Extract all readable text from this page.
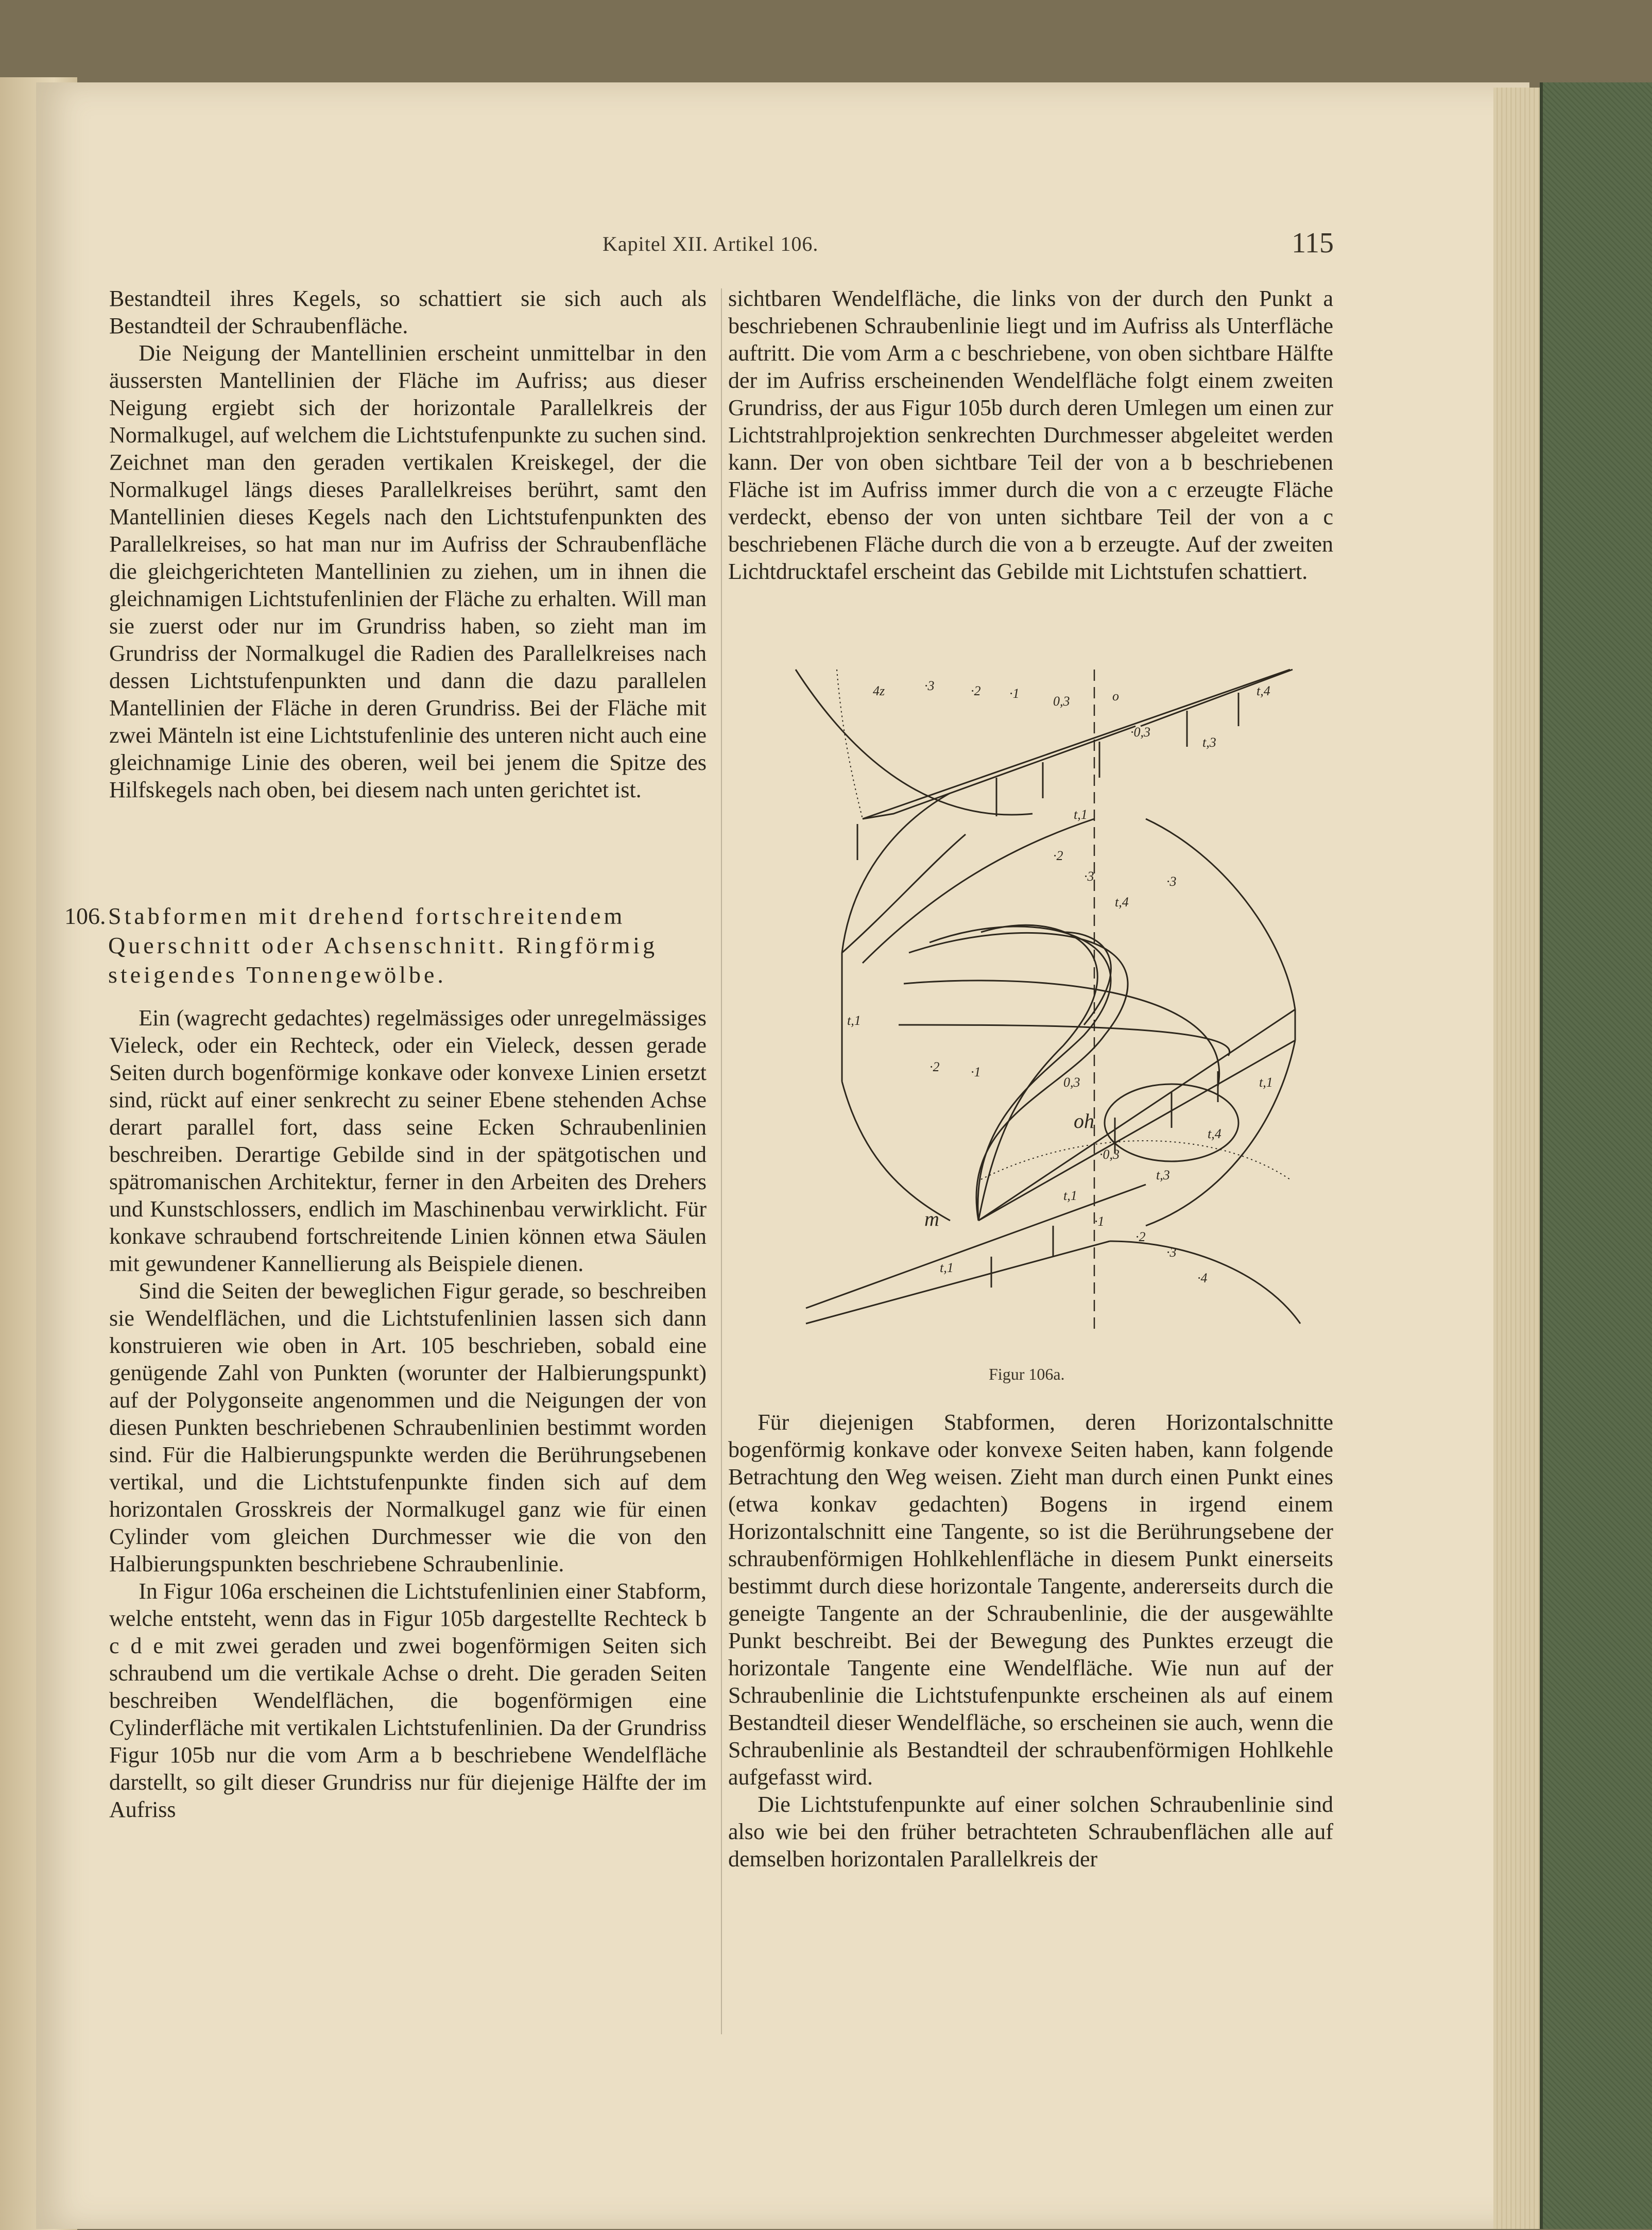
Kapitel XII. Artikel 106.	115

Bestandteil ihres Kegels, so schattiert sie sich auch als Bestandteil der Schraubenfläche.

Die Neigung der Mantellinien erscheint unmittelbar in den äussersten Mantellinien der Fläche im Aufriss; aus dieser Neigung ergiebt sich der horizontale Parallelkreis der Normalkugel, auf welchem die Lichtstufenpunkte zu suchen sind. Zeichnet man den geraden vertikalen Kreiskegel, der die Normalkugel längs dieses Parallelkreises berührt, samt den Mantellinien dieses Kegels nach den Lichtstufenpunkten des Parallelkreises, so hat man nur im Aufriss der Schraubenfläche die gleichgerichteten Mantellinien zu ziehen, um in ihnen die gleichnamigen Lichtstufenlinien der Fläche zu erhalten. Will man sie zuerst oder nur im Grundriss haben, so zieht man im Grundriss der Normalkugel die Radien des Parallelkreises nach dessen Lichtstufenpunkten und dann die dazu parallelen Mantellinien der Fläche in deren Grundriss. Bei der Fläche mit zwei Mänteln ist eine Lichtstufenlinie des unteren nicht auch eine gleichnamige Linie des oberen, weil bei jenem die Spitze des Hilfskegels nach oben, bei diesem nach unten gerichtet ist.

106. Stabformen mit drehend fortschreitendem Querschnitt oder Achsenschnitt. Ringförmig steigendes Tonnengewölbe.

Ein (wagrecht gedachtes) regelmässiges oder unregelmässiges Vieleck, oder ein Rechteck, oder ein Vieleck, dessen gerade Seiten durch bogenförmige konkave oder konvexe Linien ersetzt sind, rückt auf einer senkrecht zu seiner Ebene stehenden Achse derart parallel fort, dass seine Ecken Schraubenlinien beschreiben. Derartige Gebilde sind in der spätgotischen und spätromanischen Architektur, ferner in den Arbeiten des Drehers und Kunstschlossers, endlich im Maschinenbau verwirklicht. Für konkave schraubend fortschreitende Linien können etwa Säulen mit gewundener Kannellierung als Beispiele dienen.

Sind die Seiten der beweglichen Figur gerade, so beschreiben sie Wendelflächen, und die Lichtstufenlinien lassen sich dann konstruieren wie oben in Art. 105 beschrieben, sobald eine genügende Zahl von Punkten (worunter der Halbierungspunkt) auf der Polygonseite angenommen und die Neigungen der von diesen Punkten beschriebenen Schraubenlinien bestimmt worden sind. Für die Halbierungspunkte werden die Berührungsebenen vertikal, und die Lichtstufenpunkte finden sich auf dem horizontalen Grosskreis der Normalkugel ganz wie für einen Cylinder vom gleichen Durchmesser wie die von den Halbierungspunkten beschriebene Schraubenlinie.

In Figur 106a erscheinen die Lichtstufenlinien einer Stabform, welche entsteht, wenn das in Figur 105b dargestellte Rechteck b c d e mit zwei geraden und zwei bogenförmigen Seiten sich schraubend um die vertikale Achse o dreht. Die geraden Seiten beschreiben Wendelflächen, die bogenförmigen eine Cylinderfläche mit vertikalen Lichtstufenlinien. Da der Grundriss Figur 105b nur die vom Arm a b beschriebene Wendelfläche darstellt, so gilt dieser Grundriss nur für diejenige Hälfte der im Aufriss

sichtbaren Wendelfläche, die links von der durch den Punkt a beschriebenen Schraubenlinie liegt und im Aufriss als Unterfläche auftritt. Die vom Arm a c beschriebene, von oben sichtbare Hälfte der im Aufriss erscheinenden Wendelfläche folgt einem zweiten Grundriss, der aus Figur 105b durch deren Umlegen um einen zur Lichtstrahlprojektion senkrechten Durchmesser abgeleitet werden kann. Der von oben sichtbare Teil der von a b beschriebenen Fläche ist im Aufriss immer durch die von a c erzeugte Fläche verdeckt, ebenso der von unten sichtbare Teil der von a c beschriebenen Fläche durch die von a b erzeugte. Auf der zweiten Lichtdrucktafel erscheint das Gebilde mit Lichtstufen schattiert.

4z	·3	·2 ·1
0,3	o
·0,3
t,3
t,4
t,1
·2
·3
t,4
·3
t,1
·2 ·1
0,3
oh
·0,3
t,3
t,4
t,1
m
t,1
·1
·2
·3
·4
t,1
Figur 106a.

Für diejenigen Stabformen, deren Horizontalschnitte bogenförmig konkave oder konvexe Seiten haben, kann folgende Betrachtung den Weg weisen. Zieht man durch einen Punkt eines (etwa konkav gedachten) Bogens in irgend einem Horizontalschnitt eine Tangente, so ist die Berührungsebene der schraubenförmigen Hohlkehlenfläche in diesem Punkt einerseits bestimmt durch diese horizontale Tangente, andererseits durch die geneigte Tangente an der Schraubenlinie, die der ausgewählte Punkt beschreibt. Bei der Bewegung des Punktes erzeugt die horizontale Tangente eine Wendelfläche. Wie nun auf der Schraubenlinie die Lichtstufenpunkte erscheinen als auf einem Bestandteil dieser Wendelfläche, so erscheinen sie auch, wenn die Schraubenlinie als Bestandteil der schraubenförmigen Hohlkehle aufgefasst wird.

Die Lichtstufenpunkte auf einer solchen Schraubenlinie sind also wie bei den früher betrachteten Schraubenflächen alle auf demselben horizontalen Parallelkreis der
